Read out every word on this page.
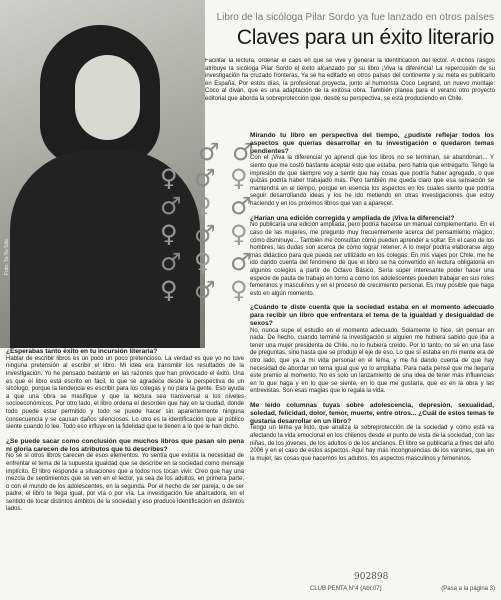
Foto: Ta-Ta-Tafe
Libro de la sicóloga Pilar Sordo ya fue lanzado en otros países
Claves para un éxito literario

Facilitar la lectura, ordenar el caos en que se vive y generar la identificación del lector. A dichos rasgos atribuye la sicóloga Pilar Sordo el éxito alcanzado por su libro ¡Viva la diferencia! La repercusión de su investigación ha cruzado fronteras. Ya se ha editado en otros países del continente y su meta es publicarlo en España. Por estos días, la profesional proyecta, junto al humorista Coco Legrand, un nuevo montaje: Coco al diván, que es una adaptación de la exitosa obra. También planea para el verano otro proyecto editorial que aborda la sobreprotección que, desde su perspectiva, se está produciendo en Chile.

♂ ♂
♀ ♂ ♀
♂ ♀ ♂
♀ ♂ ♀
♂ ♀ ♂
♀ ♂ ♀

¿Esperabas tanto éxito en tu incursión literaria?

Hablar de escribir libros es un poco un poco pretencioso. La verdad es que yo no tuve ninguna pretensión al escribir el libro. Mi idea era transmitir los resultados de la investigación. Yo he pensado bastante en las razones que han provocado el éxito. Una es que el libro está escrito en fácil, lo que se agradece desde la perspectiva de un sicólogo, porque la tendencia es escribir para los colegas y no para la gente. Eso ayuda a que una obra se masifique y que la lectura sea transversal a los niveles socioeconómicos. Por otro lado, el libro ordena el desorden que hay en la ciudad, donde todo puede estar permitido y todo se puede hacer sin aparentemente ninguna consecuencia y se causan daños silenciosos. Lo otro es la identificación que al público siente cuando lo lee. Todo eso influye en la fidelidad que le tienen a lo que le han dicho.

¿Se puede sacar como conclusión que muchos libros que pasan sin pena ni gloria carecen de los atributos que tú describes?

No sé si otros libros carecen de esos elementos. Yo sentía que existía la necesidad de enfrentar el tema de la supuesta igualdad que se describe en la sociedad como mensaje implícito. El libro responde a situaciones que a todos nos tocan vivir. Creo que hay una mezcla de sentimientos que se ven en el lector, ya sea de los adultos, en primera parte, o con el mundo de los adolescentes, en la segunda. Por el hecho de ser pareja, o de ser padre, el libro te llega igual, por vía o por vía. La investigación fue abarcadora, en el sentido de tocar distintos ámbitos de la sociedad y eso produce identificación en distintos lados.

Mirando tu libro en perspectiva del tiempo, ¿pudiste reflejar todos los aspectos que querías desarrollar en tu investigación o quedaron temas pendientes?

Con el ¡Viva la diferencia! yo aprendí que los libros no se terminan, se abandonan... Y siento que me costó bastante aceptar esto que estaba, pero había que entregarlo. Tengo la impresión de que siempre voy a sentir que hay cosas que podría haber agregado, o que quizás podría haber trabajado más. Pero también me queda claro que esa sensación se mantendrá en el tiempo, porque en esencia los aspectos en los cuales siento que podría seguir desarrollando ideas y los he ido metiendo en otras investigaciones que estoy haciendo y en los próximos libros que van a aparecer.

¿Harían una edición corregida y ampliada de ¡Viva la diferencia!?

No publicaría una edición ampliada, pero podría hacerse un manual complementario. En el caso de las mujeres, me pregunto muy frecuentemente acerca del pensamiento mágico, cómo disminuye... También me consultan cómo pueden aprender a soltar. En el caso de los hombres, las dudas son acerca de cómo lograr retener. A lo mejor podría elaborarse algo más didáctico para que pueda ser utilizado en los colegas. En mis viajes por Chile, me he ido dando cuenta del fenómeno de que el libro se ha convertido en lectura obligatoria en algunos colegios a partir de Octavo Básico. Sería súper interesante poder hacer una especie de pauta de trabajo en torno a cómo los adolescentes pueden trabajar en sus roles femeninos y masculinos y en el proceso de crecimiento personal. Es muy posible que haga esto en algún momento.

¿Cuándo te diste cuenta que la sociedad estaba en el momento adecuado para recibir un libro que enfrentara el tema de la igualdad y desigualdad de sexos?

No, nunca supe el estudio en el momento adecuado. Solamente lo hice, sin pensar en nada. De hecho, cuando terminé la investigación si alguien me hubiera sabido que iba a tener una mujer presidenta de Chile, no lo hubiera creído. Por lo tanto, no sé en una fase de preguntas, sino hasta que se produjo el eje de eso. Lo que sí estaba en mi mente era de otro lado, que ya a mi vida personal en el tema, y me fui dando cuenta de que hay necesidad de abordar un tema igual que yo lo ampliaba. Para nada pensé que me llegaría este premio al momento. No es solo un lanzamiento de una idea de tener más influencias en lo que haga y en lo que se siente, en lo que me gustaría, que es en la obra y las entrevistas. Son esas magias que lo regala la vida.

Me leído columnas tuyas sobre adolescencia, depresión, sexualidad, soledad, felicidad, dolor, temor, muerte, entre otros... ¿Cuál de estos temas te gustaría desarrollar en un libro?

Tengo un tema ya listo, que analiza la sobreprotección de la sociedad y cómo está va afectando la vida emocional en los chilenos desde el punto de vista de la sociedad, con las niñas, de los jóvenes, de los adultos o de los ancianos. El libro se publicaría a fines del año 2006 y en el caso de estos aspectos. Aquí hay más incongruencias de los varones, que en la mujer, las cosas que hacemos los adultos, los aspectos masculinos y femeninos.

902898
CLUB PENTA N°4 (Abr.07)	(Pasa a la página 3)
